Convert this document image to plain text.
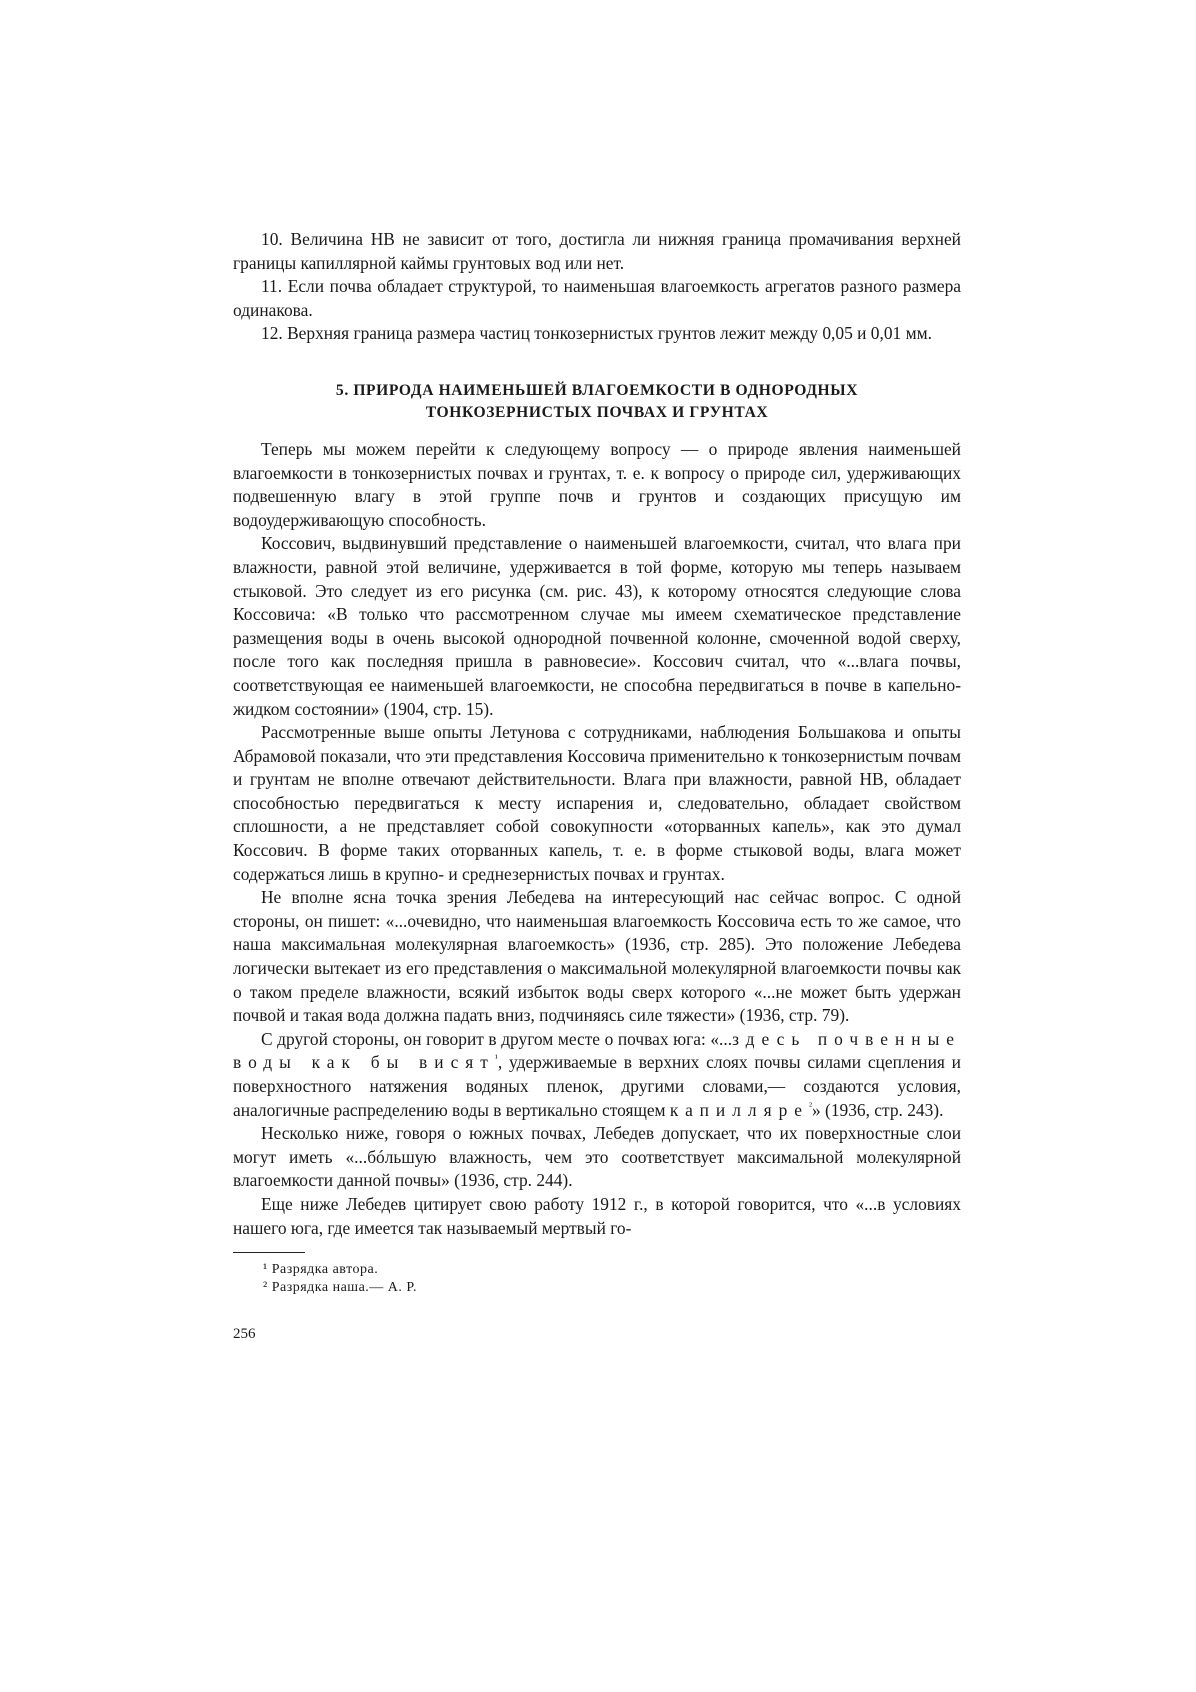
10. Величина НВ не зависит от того, достигла ли нижняя граница промачивания верхней границы капиллярной каймы грунтовых вод или нет.

11. Если почва обладает структурой, то наименьшая влагоемкость агрегатов разного размера одинакова.

12. Верхняя граница размера частиц тонкозернистых грунтов лежит между 0,05 и 0,01 мм.

5. ПРИРОДА НАИМЕНЬШЕЙ ВЛАГОЕМКОСТИ В ОДНОРОДНЫХ
ТОНКОЗЕРНИСТЫХ ПОЧВАХ И ГРУНТАХ

Теперь мы можем перейти к следующему вопросу — о природе явления наименьшей влагоемкости в тонкозернистых почвах и грунтах, т. е. к вопросу о природе сил, удерживающих подвешенную влагу в этой группе почв и грунтов и создающих присущую им водоудерживающую способность.

Коссович, выдвинувший представление о наименьшей влагоемкости, считал, что влага при влажности, равной этой величине, удерживается в той форме, которую мы теперь называем стыковой. Это следует из его рисунка (см. рис. 43), к которому относятся следующие слова Коссовича: «В только что рассмотренном случае мы имеем схематическое представление размещения воды в очень высокой однородной почвенной колонне, смоченной водой сверху, после того как последняя пришла в равновесие». Коссович считал, что «...влага почвы, соответствующая ее наименьшей влагоемкости, не способна передвигаться в почве в капельно-жидком состоянии» (1904, стр. 15).

Рассмотренные выше опыты Летунова с сотрудниками, наблюдения Большакова и опыты Абрамовой показали, что эти представления Коссовича применительно к тонкозернистым почвам и грунтам не вполне отвечают действительности. Влага при влажности, равной НВ, обладает способностью передвигаться к месту испарения и, следовательно, обладает свойством сплошности, а не представляет собой совокупности «оторванных капель», как это думал Коссович. В форме таких оторванных капель, т. е. в форме стыковой воды, влага может содержаться лишь в крупно- и среднезернистых почвах и грунтах.

Не вполне ясна точка зрения Лебедева на интересующий нас сейчас вопрос. С одной стороны, он пишет: «...очевидно, что наименьшая влагоемкость Коссовича есть то же самое, что наша максимальная молекулярная влагоемкость» (1936, стр. 285). Это положение Лебедева логически вытекает из его представления о максимальной молекулярной влагоемкости почвы как о таком пределе влажности, всякий избыток воды сверх которого «...не может быть удержан почвой и такая вода должна падать вниз, подчиняясь силе тяжести» (1936, стр. 79).

С другой стороны, он говорит в другом месте о почвах юга: «...здесь почвенные воды как бы висят$^{^1}$, удерживаемые в верхних слоях почвы силами сцепления и поверхностного натяжения водяных пленок, другими словами,— создаются условия, аналогичные распределению воды в вертикально стоящем капилляре$^{^2}$» (1936, стр. 243).

Несколько ниже, говоря о южных почвах, Лебедев допускает, что их поверхностные слои могут иметь «...бóльшую влажность, чем это соответствует максимальной молекулярной влагоемкости данной почвы» (1936, стр. 244).

Еще ниже Лебедев цитирует свою работу 1912 г., в которой говорится, что «...в условиях нашего юга, где имеется так называемый мертвый го-

¹ Разрядка автора.

² Разрядка наша.— А. Р.

256
